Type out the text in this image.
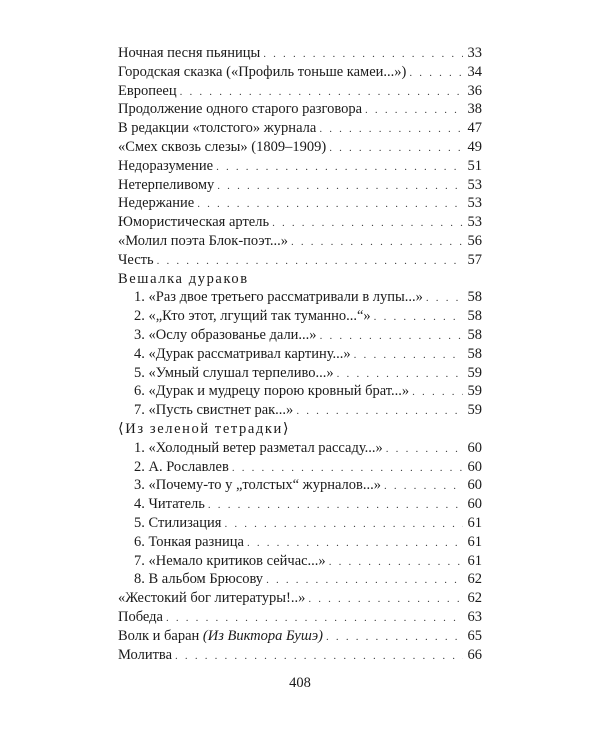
Ночная песня пьяницы . . .	33
Городская сказка («Профиль тоньше камеи...») . . .	34
Европеец . . .	36
Продолжение одного старого разговора . . .	38
В редакции «толстого» журнала . . .	47
«Смех сквозь слезы» (1809–1909) . . .	49
Недоразумение . . .	51
Нетерпеливому . . .	53
Недержание . . .	53
Юмористическая артель . . .	53
«Молил поэта Блок-поэт...» . . .	56
Честь . . .	57
Вешалка дураков
1. «Раз двое третьего рассматривали в лупы...» . . .	58
2. «„Кто этот, лгущий так туманно...“» . . .	58
3. «Ослу образованье дали...» . . .	58
4. «Дурак рассматривал картину...» . . .	58
5. «Умный слушал терпеливо...» . . .	59
6. «Дурак и мудрецу порою кровный брат...» . . .	59
7. «Пусть свистнет рак...» . . .	59
⟨Из зеленой тетрадки⟩
1. «Холодный ветер разметал рассаду...» . . .	60
2. А. Рославлев . . .	60
3. «Почему-то у „толстых“ журналов...» . . .	60
4. Читатель . . .	60
5. Стилизация . . .	61
6. Тонкая разница . . .	61
7. «Немало критиков сейчас...» . . .	61
8. В альбом Брюсову . . .	62
«Жестокий бог литературы!..» . . .	62
Победа . . .	63
Волк и баран (Из Виктора Бушэ) . . .	65
Молитва . . .	66
408
